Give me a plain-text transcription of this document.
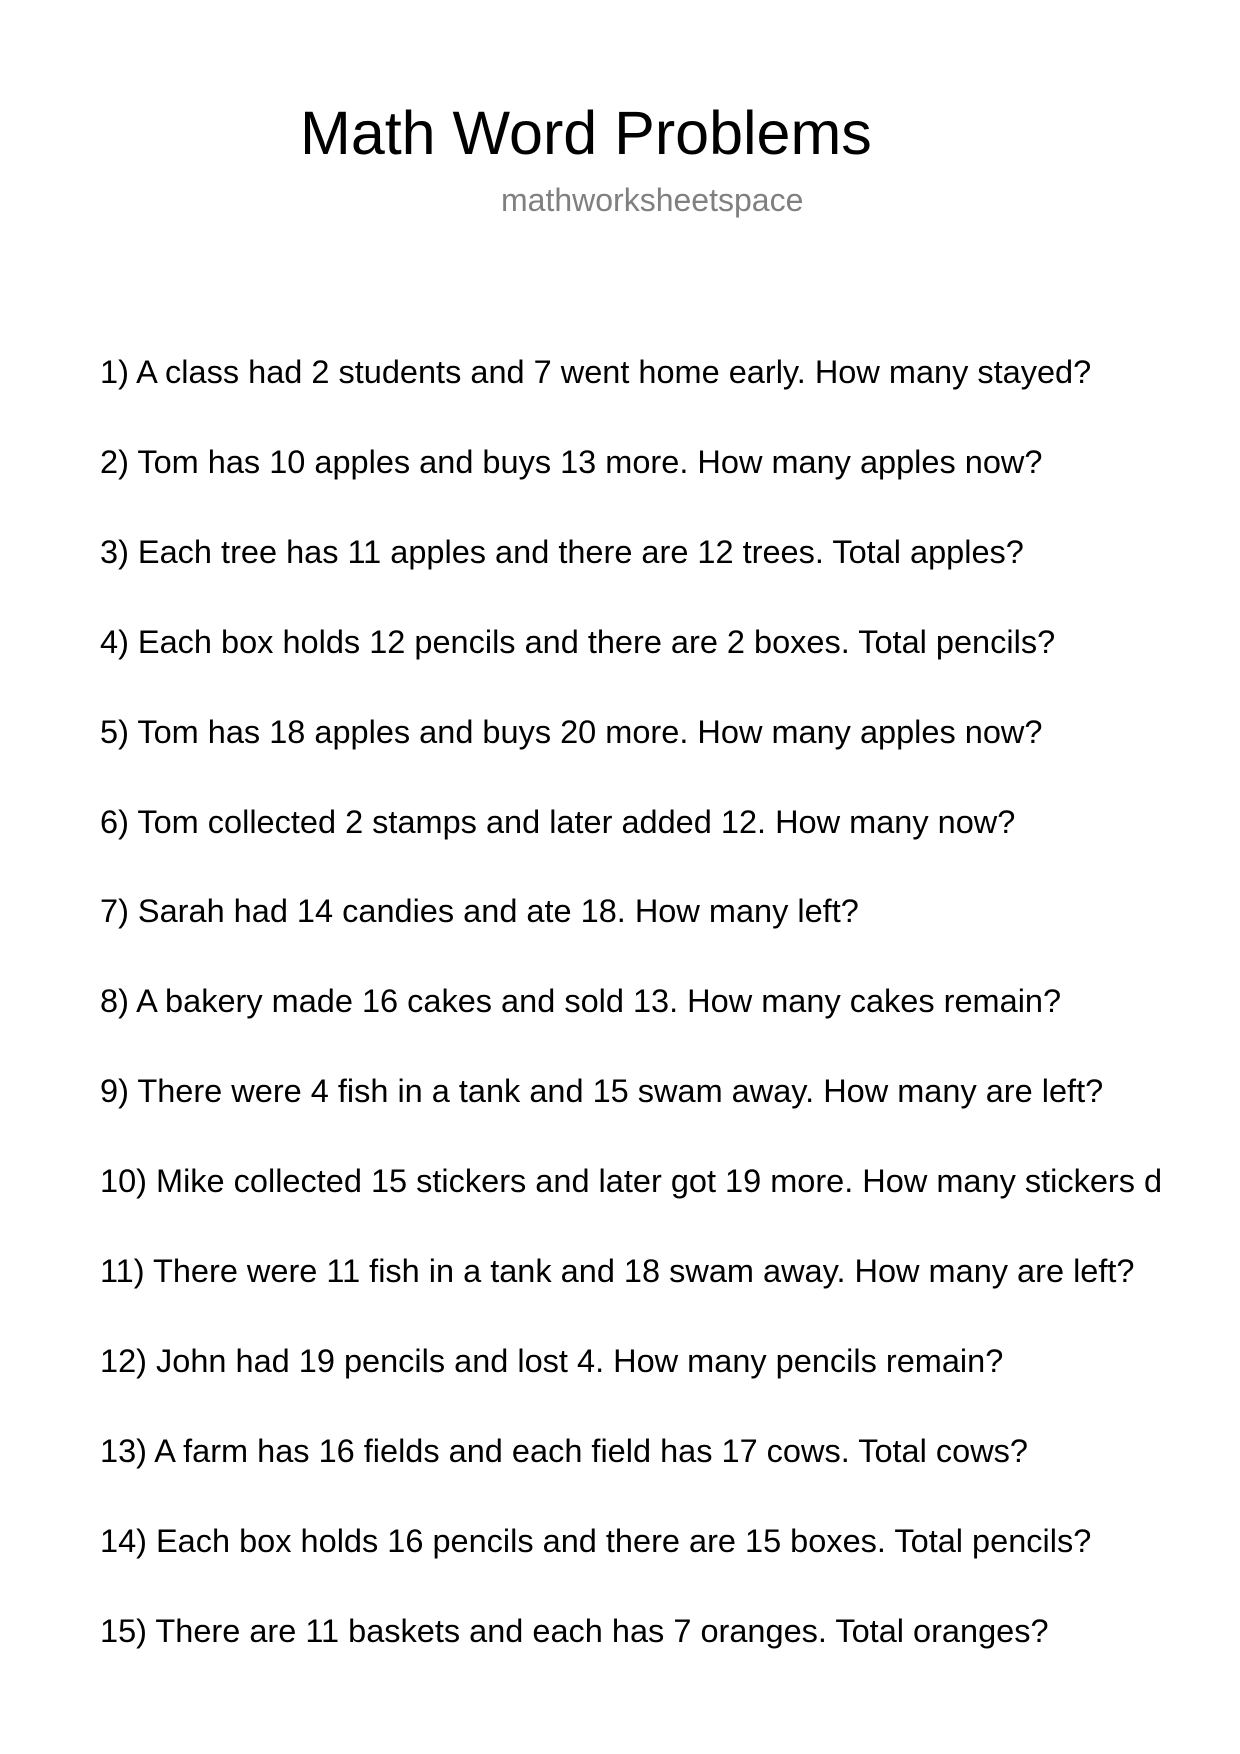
Math Word Problems
mathworksheetspace
1) A class had 2 students and 7 went home early. How many stayed?
2) Tom has 10 apples and buys 13 more. How many apples now?
3) Each tree has 11 apples and there are 12 trees. Total apples?
4) Each box holds 12 pencils and there are 2 boxes. Total pencils?
5) Tom has 18 apples and buys 20 more. How many apples now?
6) Tom collected 2 stamps and later added 12. How many now?
7) Sarah had 14 candies and ate 18. How many left?
8) A bakery made 16 cakes and sold 13. How many cakes remain?
9) There were 4 fish in a tank and 15 swam away. How many are left?
10) Mike collected 15 stickers and later got 19 more. How many stickers d
11) There were 11 fish in a tank and 18 swam away. How many are left?
12) John had 19 pencils and lost 4. How many pencils remain?
13) A farm has 16 fields and each field has 17 cows. Total cows?
14) Each box holds 16 pencils and there are 15 boxes. Total pencils?
15) There are 11 baskets and each has 7 oranges. Total oranges?
